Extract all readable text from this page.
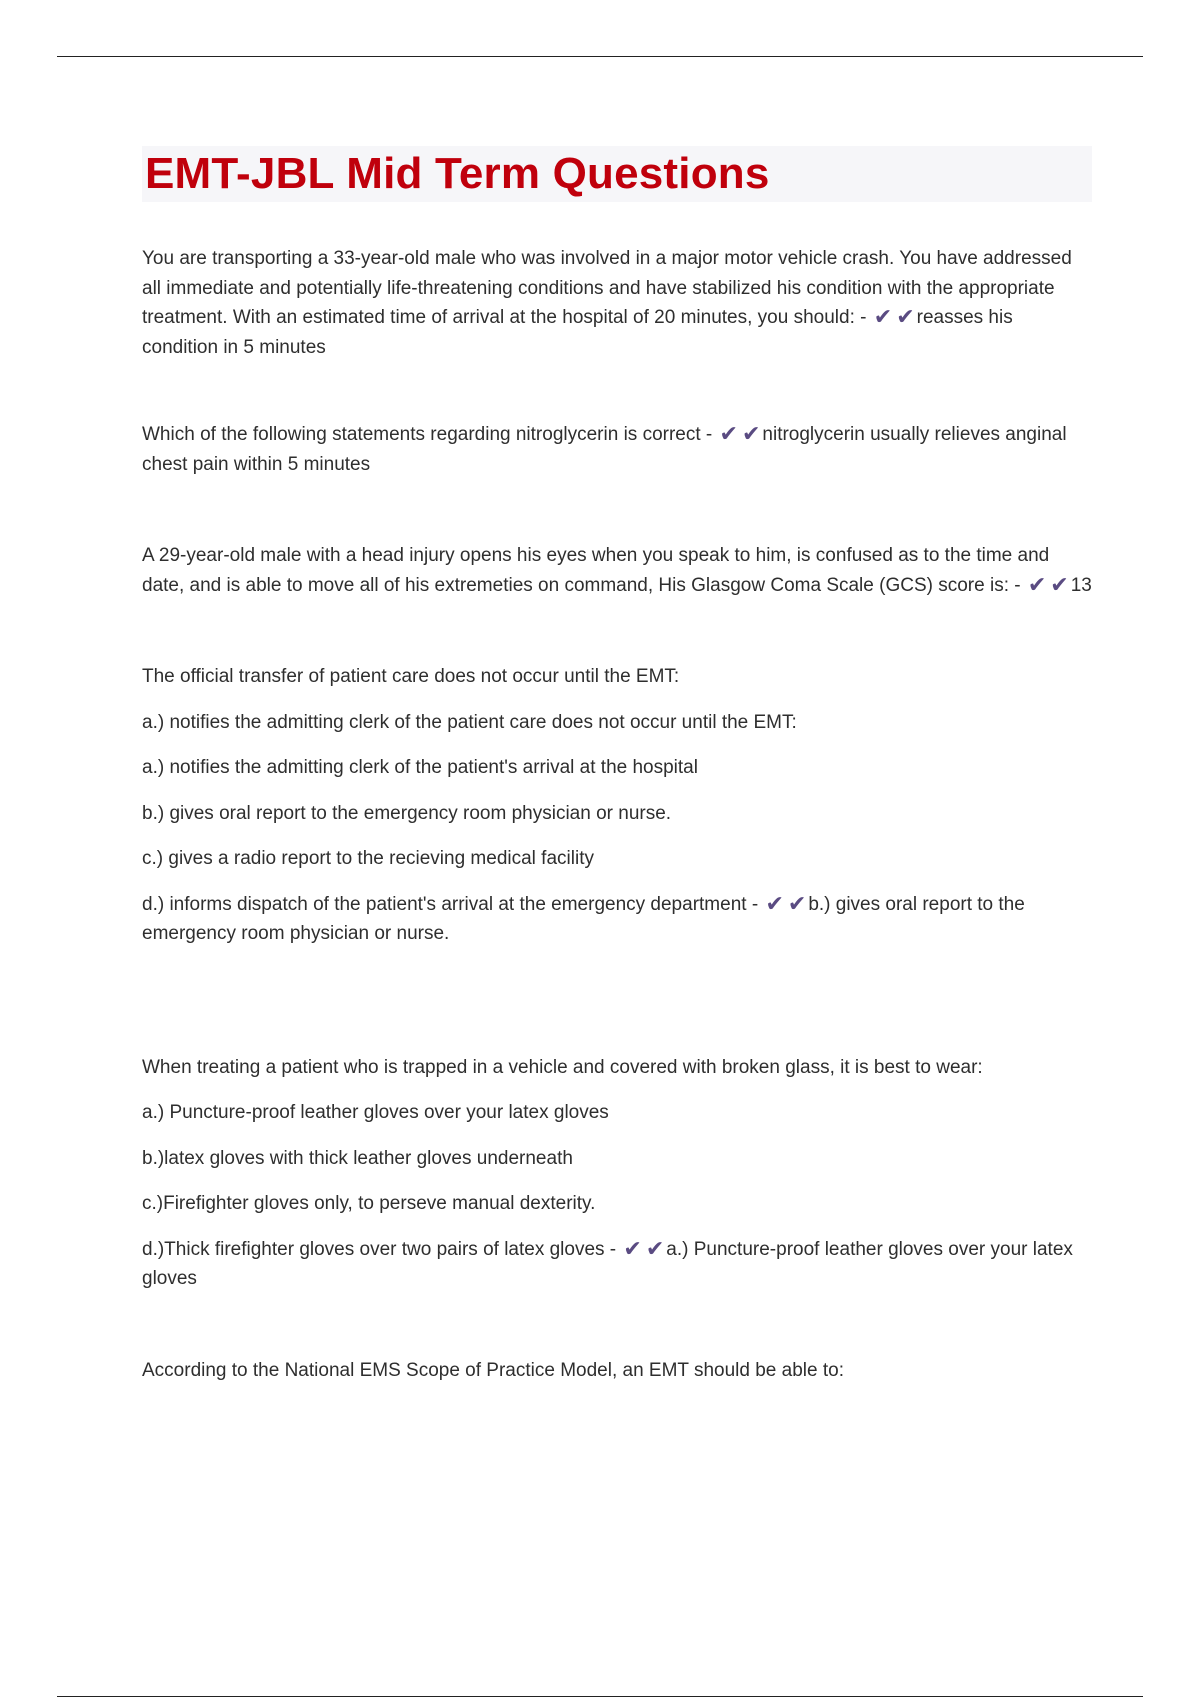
EMT-JBL Mid Term Questions

You are transporting a 33-year-old male who was involved in a major motor vehicle crash. You have addressed all immediate and potentially life-threatening conditions and have stabilized his condition with the appropriate treatment. With an estimated time of arrival at the hospital of 20 minutes, you should: - ✔ ✔ reasses his condition in 5 minutes

Which of the following statements regarding nitroglycerin is correct - ✔ ✔ nitroglycerin usually relieves anginal chest pain within 5 minutes

A 29-year-old male with a head injury opens his eyes when you speak to him, is confused as to the time and date, and is able to move all of his extremeties on command, His Glasgow Coma Scale (GCS) score is: - ✔ ✔ 13

The official transfer of patient care does not occur until the EMT:

a.) notifies the admitting clerk of the patient care does not occur until the EMT:

a.) notifies the admitting clerk of the patient's arrival at the hospital

b.) gives oral report to the emergency room physician or nurse.

c.) gives a radio report to the recieving medical facility

d.) informs dispatch of the patient's arrival at the emergency department - ✔ ✔ b.) gives oral report to the emergency room physician or nurse.

When treating a patient who is trapped in a vehicle and covered with broken glass, it is best to wear:

a.) Puncture-proof leather gloves over your latex gloves

b.)latex gloves with thick leather gloves underneath

c.)Firefighter gloves only, to perseve manual dexterity.

d.)Thick firefighter gloves over two pairs of latex gloves - ✔ ✔ a.) Puncture-proof leather gloves over your latex gloves

According to the National EMS Scope of Practice Model, an EMT should be able to:
